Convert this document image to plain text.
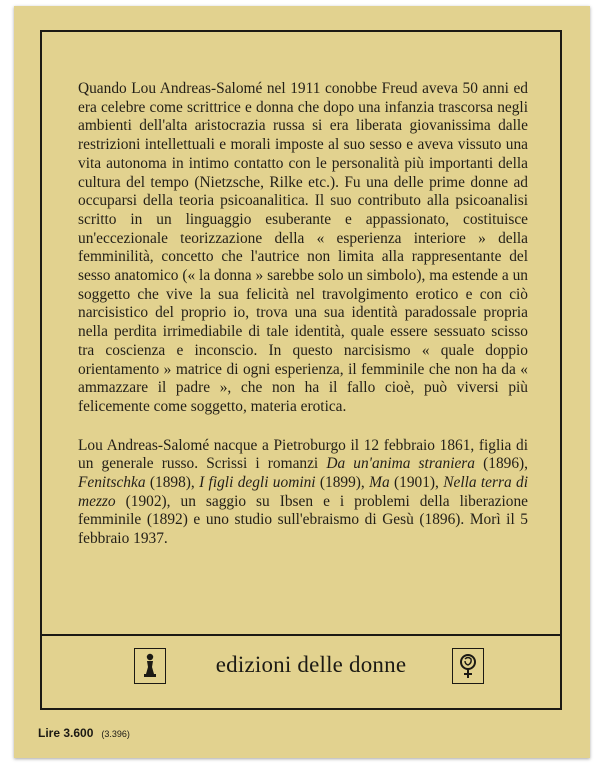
Quando Lou Andreas-Salomé nel 1911 conobbe Freud aveva 50 anni ed era celebre come scrittrice e donna che dopo una infanzia trascorsa negli ambienti dell'alta aristocrazia russa si era liberata giovanissima dalle restrizioni intellettuali e morali imposte al suo sesso e aveva vissuto una vita autonoma in intimo contatto con le personalità più importanti della cultura del tempo (Nietzsche, Rilke etc.). Fu una delle prime donne ad occuparsi della teoria psicoanalitica. Il suo contributo alla psicoanalisi scritto in un linguaggio esuberante e appassionato, costituisce un'eccezionale teorizzazione della « esperienza interiore » della femminilità, concetto che l'autrice non limita alla rappresentante del sesso anatomico (« la donna » sarebbe solo un simbolo), ma estende a un soggetto che vive la sua felicità nel travolgimento erotico e con ciò narcisistico del proprio io, trova una sua identità paradossale propria nella perdita irrimediabile di tale identità, quale essere sessuato scisso tra coscienza e inconscio. In questo narcisismo « quale doppio orientamento » matrice di ogni esperienza, il femminile che non ha da « ammazzare il padre », che non ha il fallo cioè, può viversi più felicemente come soggetto, materia erotica.

Lou Andreas-Salomé nacque a Pietroburgo il 12 febbraio 1861, figlia di un generale russo. Scrissi i romanzi Da un'anima straniera (1896), Fenitschka (1898), I figli degli uomini (1899), Ma (1901), Nella terra di mezzo (1902), un saggio su Ibsen e i problemi della liberazione femminile (1892) e uno studio sull'ebraismo di Gesù (1896). Morì il 5 febbraio 1937.

edizioni delle donne
Lire 3.600 (3.396)
